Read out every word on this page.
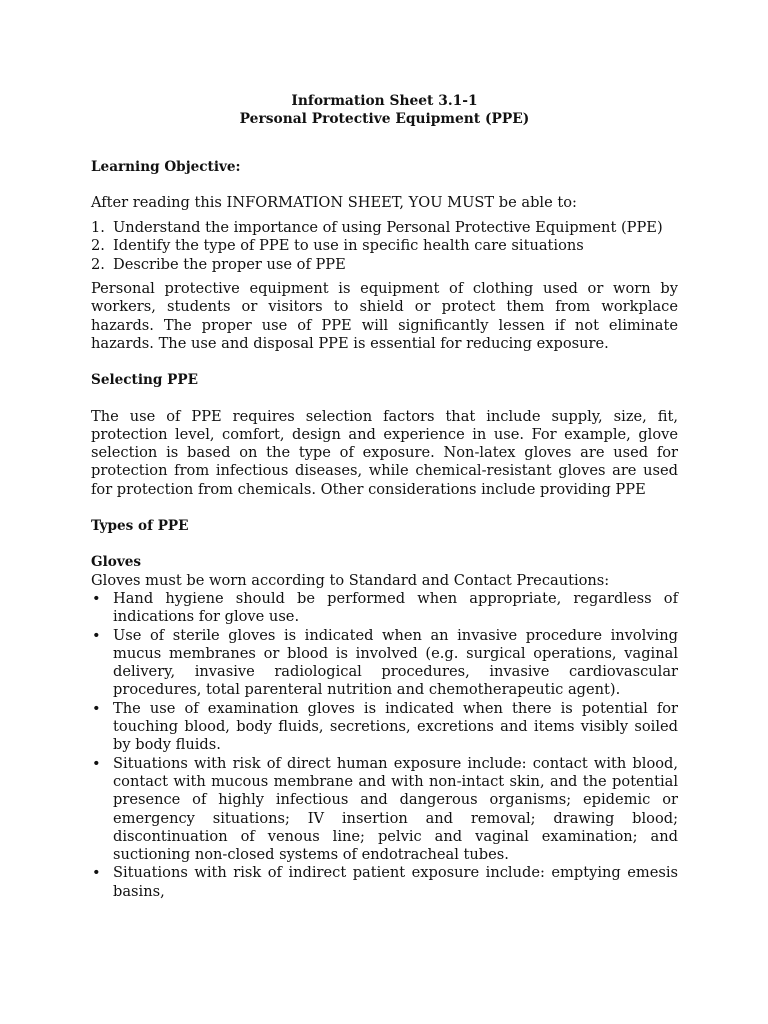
Information Sheet 3.1-1
Personal Protective Equipment (PPE)
Learning Objective:

After reading this INFORMATION SHEET, YOU MUST be able to:

1. Understand the importance of using Personal Protective Equipment (PPE)
2. Identify the type of PPE to use in specific health care situations
2. Describe the proper use of PPE

Personal protective equipment is equipment of clothing used or worn by workers, students or visitors to shield or protect them from workplace hazards. The proper use of PPE will significantly lessen if not eliminate hazards. The use and disposal PPE is essential for reducing exposure.

Selecting PPE

The use of PPE requires selection factors that include supply, size, fit, protection level, comfort, design and experience in use. For example, glove selection is based on the type of exposure. Non-latex gloves are used for protection from infectious diseases, while chemical-resistant gloves are used for protection from chemicals. Other considerations include providing PPE

Types of PPE
Gloves

Gloves must be worn according to Standard and Contact Precautions:

• Hand hygiene should be performed when appropriate, regardless of indications for glove use.
• Use of sterile gloves is indicated when an invasive procedure involving mucus membranes or blood is involved (e.g. surgical operations, vaginal delivery, invasive radiological procedures, invasive cardiovascular procedures, total parenteral nutrition and chemotherapeutic agent).
• The use of examination gloves is indicated when there is potential for touching blood, body fluids, secretions, excretions and items visibly soiled by body fluids.
• Situations with risk of direct human exposure include: contact with blood, contact with mucous membrane and with non-intact skin, and the potential presence of highly infectious and dangerous organisms; epidemic or emergency situations; IV insertion and removal; drawing blood; discontinuation of venous line; pelvic and vaginal examination; and suctioning non-closed systems of endotracheal tubes.
• Situations with risk of indirect patient exposure include: emptying emesis basins,
